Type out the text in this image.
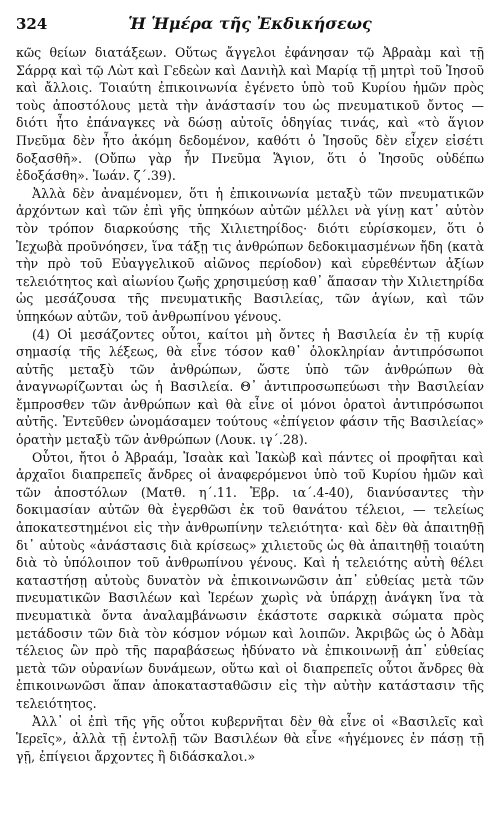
324	Ἡ Ἡμέρα τῆς Ἐκδικήσεως

κῶς θείων διατάξεων. Οὕτως ἄγγελοι ἐφάνησαν τῷ Ἀβραὰμ καὶ τῇ Σάρρᾳ καὶ τῷ Λὼτ καὶ Γεδεὼν καὶ Δανιὴλ καὶ Μαρίᾳ τῇ μητρὶ τοῦ Ἰησοῦ καὶ ἄλλοις. Τοιαύτη ἐπικοινωνία ἐγένετο ὑπὸ τοῦ Κυρίου ἡμῶν πρὸς τοὺς ἀποστόλους μετὰ τὴν ἀνάστασίν του ὡς πνευματικοῦ ὄντος — διότι ἦτο ἐπάναγκες νὰ δώσῃ αὐτοῖς ὁδηγίας τινάς, καὶ «τὸ ἅγιον Πνεῦμα δὲν ἦτο ἀκόμη δεδομένον, καθότι ὁ Ἰησοῦς δὲν εἶχεν εἰσέτι δοξασθῆ». (Οὔπω γὰρ ἦν Πνεῦμα Ἅγιον, ὅτι ὁ Ἰησοῦς οὐδέπω ἐδοξάσθη». Ἰωάν. ζ΄.39).

Ἀλλὰ δὲν ἀναμένομεν, ὅτι ἡ ἐπικοινωνία μεταξὺ τῶν πνευματικῶν ἀρχόντων καὶ τῶν ἐπὶ γῆς ὑπηκόων αὐτῶν μέλλει νὰ γίνῃ κατ᾽ αὐτὸν τὸν τρόπον διαρκούσης τῆς Χιλιετηρίδος· διότι εὑρίσκομεν, ὅτι ὁ Ἰεχωβὰ προῦνόησεν, ἵνα τάξῃ τις ἀνθρώπων δεδοκιμασμένων ἤδη (κατὰ τὴν πρὸ τοῦ Εὐαγγελικοῦ αἰῶνος περίοδον) καὶ εὑρεθέντων ἀξίων τελειότητος καὶ αἰωνίου ζωῆς χρησιμεύσῃ καθ᾽ ἅπασαν τὴν Χιλιετηρίδα ὡς μεσάζουσα τῆς πνευματικῆς Βασιλείας, τῶν ἁγίων, καὶ τῶν ὑπηκόων αὐτῶν, τοῦ ἀνθρωπίνου γένους.

(4) Οἱ μεσάζοντες οὗτοι, καίτοι μὴ ὄντες ἡ Βασιλεία ἐν τῇ κυρίᾳ σημασίᾳ τῆς λέξεως, θὰ εἶνε τόσον καθ᾽ ὁλοκληρίαν ἀντιπρόσωποι αὐτῆς μεταξὺ τῶν ἀνθρώπων, ὥστε ὑπὸ τῶν ἀνθρώπων θὰ ἀναγνωρίζωνται ὡς ἡ Βασιλεία. Θ᾽ ἀντιπροσωπεύωσι τὴν Βασιλείαν ἔμπροσθεν τῶν ἀνθρώπων καὶ θὰ εἶνε οἱ μόνοι ὁρατοὶ ἀντιπρόσωποι αὐτῆς. Ἐντεῦθεν ὠνομάσαμεν τούτους «ἐπίγειον φάσιν τῆς Βασιλείας» ὁρατὴν μεταξὺ τῶν ἀνθρώπων (Λουκ. ιγ΄.28).

Οὗτοι, ἤτοι ὁ Ἀβραάμ, Ἰσαὰκ καὶ Ἰακὼβ καὶ πάντες οἱ προφῆται καὶ ἀρχαῖοι διαπρεπεῖς ἄνδρες οἱ ἀναφερόμενοι ὑπὸ τοῦ Κυρίου ἡμῶν καὶ τῶν ἀποστόλων (Ματθ. η΄.11. Ἑβρ. ια΄.4-40), διανύσαντες τὴν δοκιμασίαν αὐτῶν θὰ ἐγερθῶσι ἐκ τοῦ θανάτου τέλειοι, — τελείως ἀποκατεστημένοι εἰς τὴν ἀνθρωπίνην τελειότητα· καὶ δὲν θὰ ἀπαιτηθῇ δι᾽ αὐτοὺς «ἀνάστασις διὰ κρίσεως» χιλιετοῦς ὡς θὰ ἀπαιτηθῇ τοιαύτη διὰ τὸ ὑπόλοιπον τοῦ ἀνθρωπίνου γένους. Καὶ ἡ τελειότης αὐτὴ θέλει καταστήσῃ αὐτοὺς δυνατὸν νὰ ἐπικοινωνῶσιν ἀπ᾽ εὐθείας μετὰ τῶν πνευματικῶν Βασιλέων καὶ Ἱερέων χωρὶς νὰ ὑπάρχῃ ἀνάγκη ἵνα τὰ πνευματικὰ ὄντα ἀναλαμβάνωσιν ἑκάστοτε σαρκικὰ σώματα πρὸς μετάδοσιν τῶν διὰ τὸν κόσμον νόμων καὶ λοιπῶν. Ἀκριβῶς ὡς ὁ Ἀδὰμ τέλειος ὢν πρὸ τῆς παραβάσεως ἠδύνατο νὰ ἐπικοινωνῇ ἀπ᾽ εὐθείας μετὰ τῶν οὐρανίων δυνάμεων, οὕτω καὶ οἱ διαπρεπεῖς οὗτοι ἄνδρες θὰ ἐπικοινωνῶσι ἅπαν ἀποκατασταθῶσιν εἰς τὴν αὐτὴν κατάστασιν τῆς τελειότητος.

Ἀλλ᾽ οἱ ἐπὶ τῆς γῆς οὗτοι κυβερνῆται δὲν θὰ εἶνε οἱ «Βασιλεῖς καὶ Ἱερεῖς», ἀλλὰ τῇ ἐντολῇ τῶν Βασιλέων θὰ εἶνε «ἡγέμονες ἐν πάσῃ τῇ γῇ, ἐπίγειοι ἄρχοντες ἢ διδάσκαλοι.»
